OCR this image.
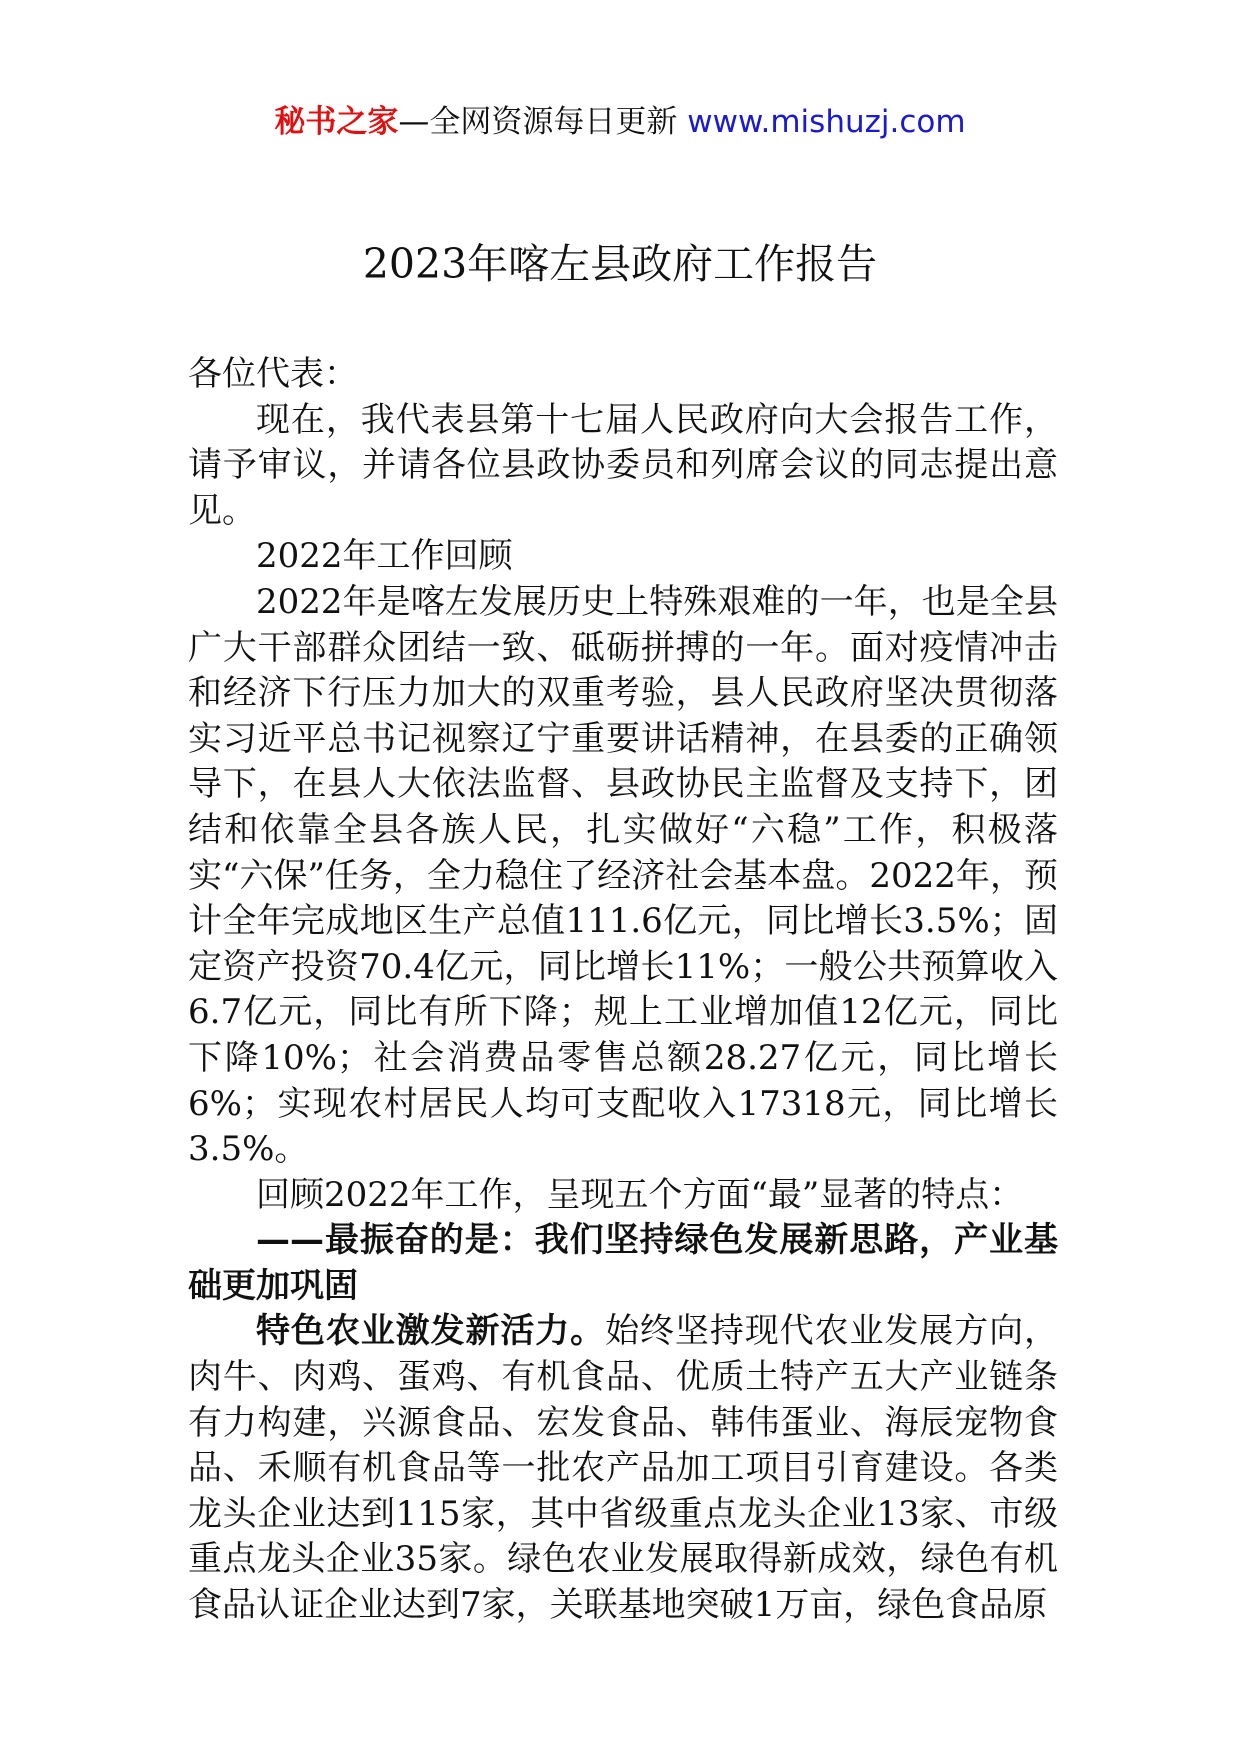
秘书之家—全网资源每日更新 www.mishuzj.com
2023年喀左县政府工作报告

各位代表：

现在，我代表县第十七届人民政府向大会报告工作，请予审议，并请各位县政协委员和列席会议的同志提出意见。

2022年工作回顾

2022年是喀左发展历史上特殊艰难的一年，也是全县广大干部群众团结一致、砥砺拼搏的一年。面对疫情冲击和经济下行压力加大的双重考验，县人民政府坚决贯彻落实习近平总书记视察辽宁重要讲话精神，在县委的正确领导下，在县人大依法监督、县政协民主监督及支持下，团结和依靠全县各族人民，扎实做好“六稳”工作，积极落实“六保”任务，全力稳住了经济社会基本盘。2022年，预计全年完成地区生产总值111.6亿元，同比增长3.5%；固定资产投资70.4亿元，同比增长11%；一般公共预算收入6.7亿元，同比有所下降；规上工业增加值12亿元，同比下降10%；社会消费品零售总额28.27亿元，同比增长6%；实现农村居民人均可支配收入17318元，同比增长3.5%。

回顾2022年工作，呈现五个方面“最”显著的特点：

——最振奋的是：我们坚持绿色发展新思路，产业基础更加巩固

特色农业激发新活力。始终坚持现代农业发展方向，肉牛、肉鸡、蛋鸡、有机食品、优质土特产五大产业链条有力构建，兴源食品、宏发食品、韩伟蛋业、海辰宠物食品、禾顺有机食品等一批农产品加工项目引育建设。各类龙头企业达到115家，其中省级重点龙头企业13家、市级重点龙头企业35家。绿色农业发展取得新成效，绿色有机食品认证企业达到7家，关联基地突破1万亩，绿色食品原
